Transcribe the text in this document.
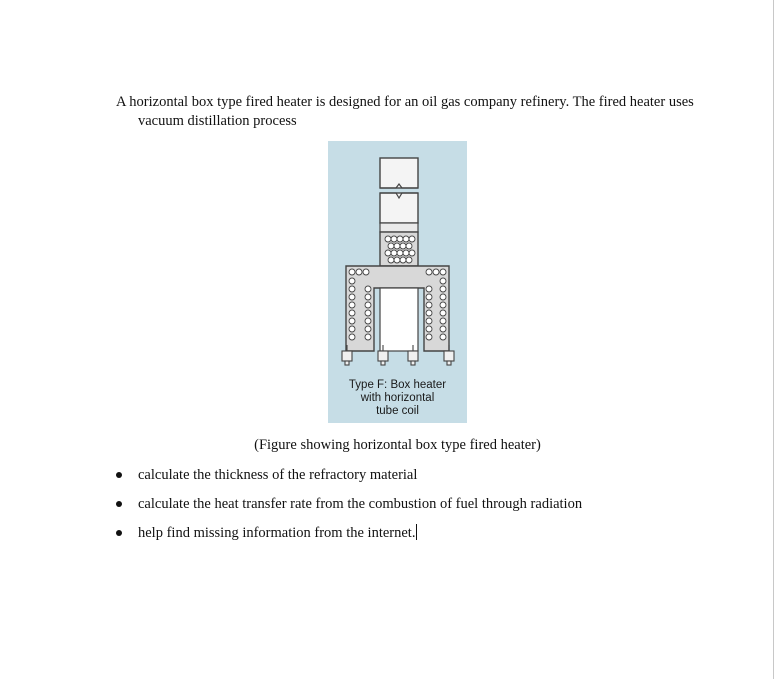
A horizontal box type fired heater is designed for an oil gas company refinery. The fired heater uses vacuum distillation process

Type F: Box heater
with horizontal
tube coil

(Figure showing horizontal box type fired heater)

calculate the thickness of the refractory material
calculate the heat transfer rate from the combustion of fuel through radiation
help find missing information from the internet.
